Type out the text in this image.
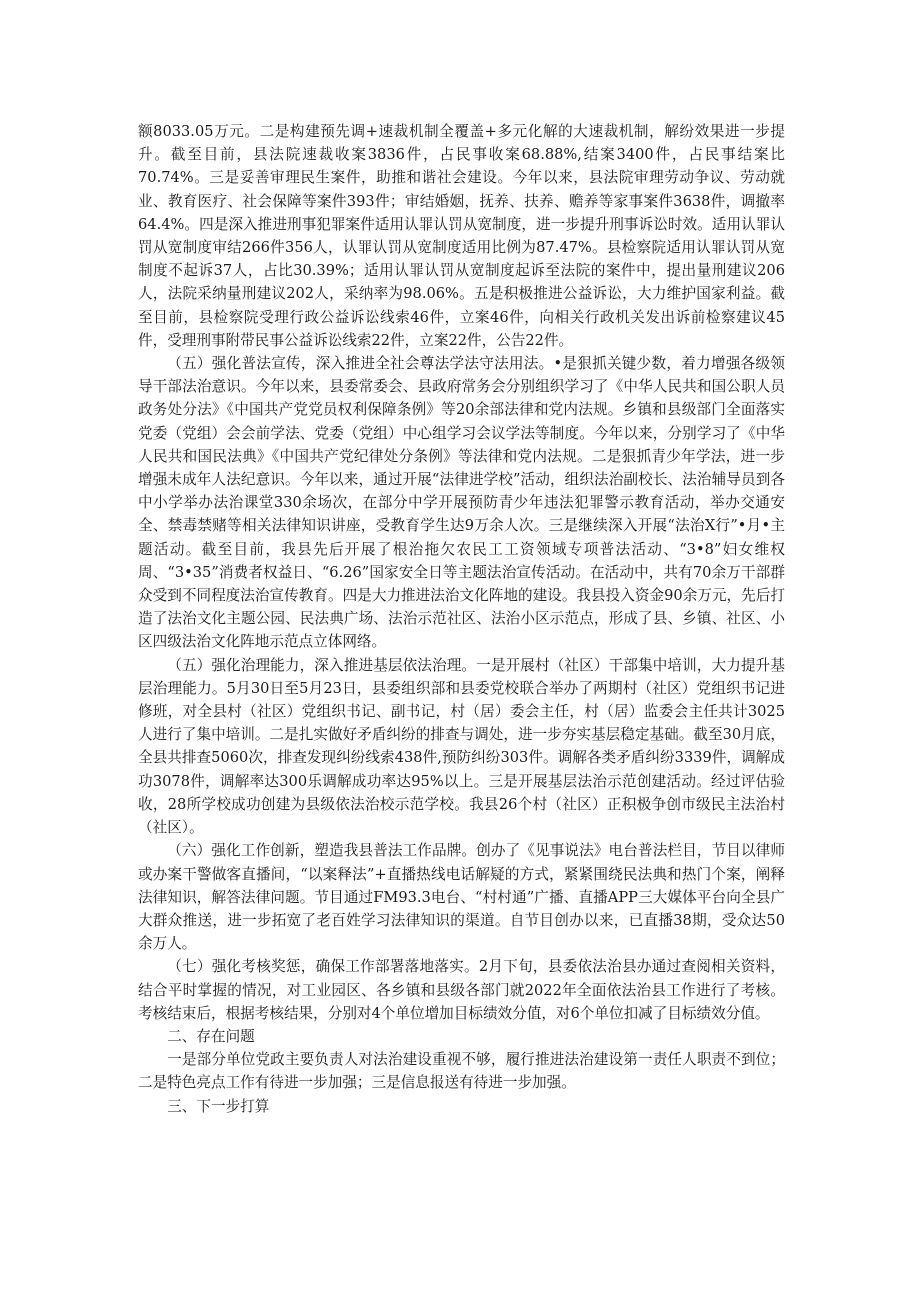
额8033.05万元。二是构建预先调+速裁机制全覆盖+多元化解的大速裁机制，解纷效果进一步提升。截至目前，县法院速裁收案3836件，占民事收案68.88%,结案3400件，占民事结案比70.74%。三是妥善审理民生案件，助推和谐社会建设。今年以来，县法院审理劳动争议、劳动就业、教育医疗、社会保障等案件393件；审结婚姻，抚养、扶养、赡养等家事案件3638件，调撤率64.4%。四是深入推进刑事犯罪案件适用认罪认罚从宽制度，进一步提升刑事诉讼时效。适用认罪认罚从宽制度审结266件356人，认罪认罚从宽制度适用比例为87.47%。县检察院适用认罪认罚从宽制度不起诉37人，占比30.39%；适用认罪认罚从宽制度起诉至法院的案件中，提出量刑建议206人，法院采纳量刑建议202人，采纳率为98.06%。五是积极推进公益诉讼，大力维护国家利益。截至目前，县检察院受理行政公益诉讼线索46件，立案46件，向相关行政机关发出诉前检察建议45件，受理刑事附带民事公益诉讼线索22件，立案22件，公告22件。

（五）强化普法宣传，深入推进全社会尊法学法守法用法。•是狠抓关键少数，着力增强各级领导干部法治意识。今年以来，县委常委会、县政府常务会分别组织学习了《中华人民共和国公职人员政务处分法》《中国共产党党员权利保障条例》等20余部法律和党内法规。乡镇和县级部门全面落实党委（党组）会会前学法、党委（党组）中心组学习会议学法等制度。今年以来，分别学习了《中华人民共和国民法典》《中国共产党纪律处分条例》等法律和党内法规。二是狠抓青少年学法，进一步增强未成年人法纪意识。今年以来，通过开展“法律进学校”活动，组织法治副校长、法治辅导员到各中小学举办法治课堂330余场次，在部分中学开展预防青少年违法犯罪警示教育活动，举办交通安全、禁毒禁赌等相关法律知识讲座，受教育学生达9万余人次。三是继续深入开展“法治X行”•月•主题活动。截至目前，我县先后开展了根治拖欠农民工工资领域专项普法活动、“3•8”妇女维权周、“3•35”消费者权益日、“6.26”国家安全日等主题法治宣传活动。在活动中，共有70余万干部群众受到不同程度法治宣传教育。四是大力推进法治文化阵地的建设。我县投入资金90余万元，先后打造了法治文化主题公园、民法典广场、法治示范社区、法治小区示范点，形成了县、乡镇、社区、小区四级法治文化阵地示范点立体网络。

（五）强化治理能力，深入推进基层依法治理。一是开展村（社区）干部集中培训，大力提升基层治理能力。5月30日至5月23日，县委组织部和县委党校联合举办了两期村（社区）党组织书记进修班，对全县村（社区）党组织书记、副书记，村（居）委会主任，村（居）监委会主任共计3025人进行了集中培训。二是扎实做好矛盾纠纷的排查与调处，进一步夯实基层稳定基础。截至30月底，全县共排查5060次，排查发现纠纷线索438件,预防纠纷303件。调解各类矛盾纠纷3339件，调解成功3078件，调解率达300乐调解成功率达95%以上。三是开展基层法治示范创建活动。经过评估验收，28所学校成功创建为县级依法治校示范学校。我县26个村（社区）正积极争创市级民主法治村（社区）。

（六）强化工作创新，塑造我县普法工作品牌。创办了《见事说法》电台普法栏目，节目以律师或办案干警做客直播间，“以案释法”+直播热线电话解疑的方式，紧紧围绕民法典和热门个案，阐释法律知识，解答法律问题。节目通过FM93.3电台、“村村通”广播、直播APP三大媒体平台向全县广大群众推送，进一步拓宽了老百姓学习法律知识的渠道。自节目创办以来，已直播38期，受众达50余万人。

（七）强化考核奖惩，确保工作部署落地落实。2月下旬，县委依法治县办通过查阅相关资料，结合平时掌握的情况，对工业园区、各乡镇和县级各部门就2022年全面依法治县工作进行了考核。考核结束后，根据考核结果，分别对4个单位增加目标绩效分值，对6个单位扣减了目标绩效分值。

二、存在问题

一是部分单位党政主要负责人对法治建设重视不够，履行推进法治建设第一责任人职责不到位；二是特色亮点工作有待进一步加强；三是信息报送有待进一步加强。

三、下一步打算
